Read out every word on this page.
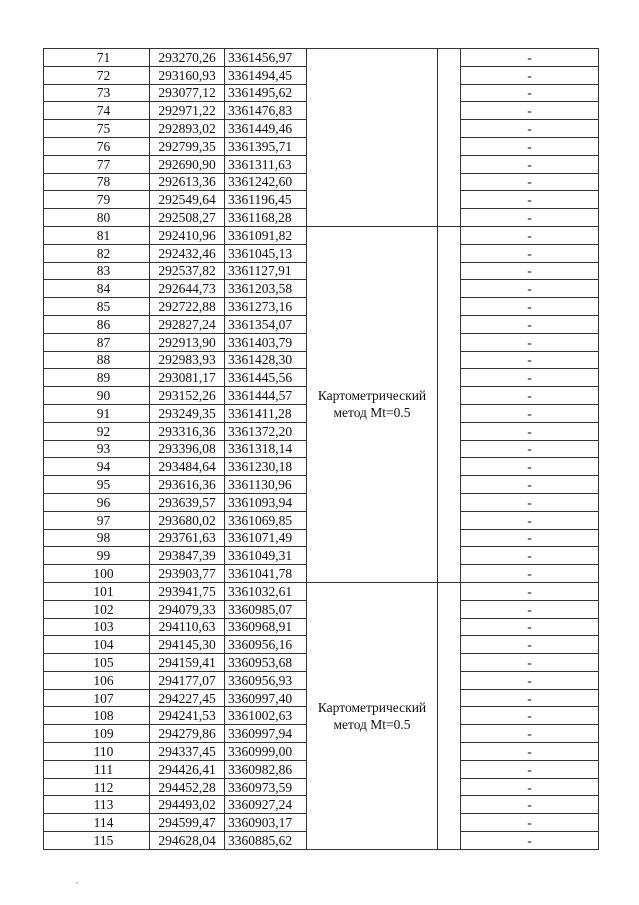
71	293270,26	3361456,97			-
72	293160,93	3361494,45			-
73	293077,12	3361495,62			-
74	292971,22	3361476,83			-
75	292893,02	3361449,46			-
76	292799,35	3361395,71			-
77	292690,90	3361311,63			-
78	292613,36	3361242,60			-
79	292549,64	3361196,45			-
80	292508,27	3361168,28			-
81	292410,96	3361091,82	Картометрический
метод Mt=0.5		-
82	292432,46	3361045,13			-
83	292537,82	3361127,91			-
84	292644,73	3361203,58			-
85	292722,88	3361273,16			-
86	292827,24	3361354,07			-
87	292913,90	3361403,79			-
88	292983,93	3361428,30			-
89	293081,17	3361445,56			-
90	293152,26	3361444,57			-
91	293249,35	3361411,28			-
92	293316,36	3361372,20			-
93	293396,08	3361318,14			-
94	293484,64	3361230,18			-
95	293616,36	3361130,96			-
96	293639,57	3361093,94			-
97	293680,02	3361069,85			-
98	293761,63	3361071,49			-
99	293847,39	3361049,31			-
100	293903,77	3361041,78			-
101	293941,75	3361032,61	Картометрический
метод Mt=0.5		-
102	294079,33	3360985,07			-
103	294110,63	3360968,91			-
104	294145,30	3360956,16			-
105	294159,41	3360953,68			-
106	294177,07	3360956,93			-
107	294227,45	3360997,40			-
108	294241,53	3361002,63			-
109	294279,86	3360997,94			-
110	294337,45	3360999,00			-
111	294426,41	3360982,86			-
112	294452,28	3360973,59			-
113	294493,02	3360927,24			-
114	294599,47	3360903,17			-
115	294628,04	3360885,62			-
,
